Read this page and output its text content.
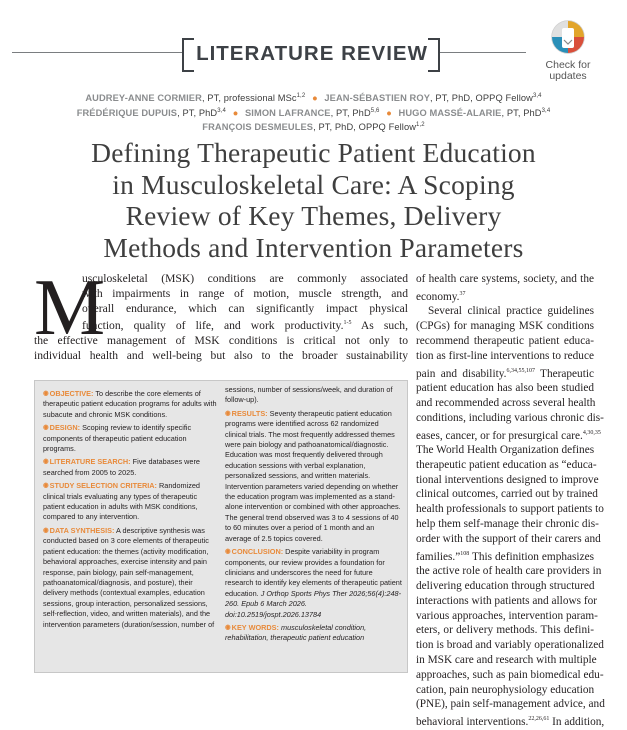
LITERATURE REVIEW	Check for
updates
AUDREY-ANNE CORMIER, PT, professional MSc$^{1,2}$ ● JEAN-SÉBASTIEN ROY, PT, PhD, OPPQ Fellow$^{3,4}$
FRÉDÉRIQUE DUPUIS, PT, PhD$^{3,4}$ ● SIMON LAFRANCE, PT, PhD$^{5,6}$ ● HUGO MASSÉ-ALARIE, PT, PhD$^{3,4}$
FRANÇOIS DESMEULES, PT, PhD, OPPQ Fellow$^{1,2}$
Defining Therapeutic Patient Education
in Musculoskeletal Care: A Scoping
Review of Key Themes, Delivery
Methods and Intervention Parameters
M
usculoskeletal (MSK) conditions are commonly associated
with impairments in range of motion, muscle strength, and
overall endurance, which can significantly impact physical
function, quality of life, and work productivity.$^{1-5}$ As such,
the effective management of MSK conditions is critical not only to
individual health and well-being but also to the broader sustainability
◉ OBJECTIVE: To describe the core elements of therapeutic patient education programs for adults with subacute and chronic MSK conditions.
◉ DESIGN: Scoping review to identify specific components of therapeutic patient education programs.
◉ LITERATURE SEARCH: Five databases were searched from 2005 to 2025.
◉ STUDY SELECTION CRITERIA: Randomized clinical trials evaluating any types of therapeutic patient education in adults with MSK conditions, compared to any intervention.
◉ DATA SYNTHESIS: A descriptive synthesis was conducted based on 3 core elements of therapeutic patient education: the themes (activity modification, behavioral approaches, exercise intensity and pain response, pain biology, pain self-management, pathoanatomical/diagnosis, and posture), their delivery methods (contextual examples, education sessions, group interaction, personalized sessions, self-reflection, video, and written materials), and the intervention parameters (duration/session, number of
sessions, number of sessions/week, and duration of follow-up).
◉ RESULTS: Seventy therapeutic patient education programs were identified across 62 randomized clinical trials. The most frequently addressed themes were pain biology and pathoanatomical/diagnostic. Education was most frequently delivered through education sessions with verbal explanation, personalized sessions, and written materials. Intervention parameters varied depending on whether the education program was implemented as a stand-alone intervention or combined with other approaches. The general trend observed was 3 to 4 sessions of 40 to 60 minutes over a period of 1 month and an average of 2.5 topics covered.
◉ CONCLUSION: Despite variability in program components, our review provides a foundation for clinicians and underscores the need for future research to identify key elements of therapeutic patient education. J Orthop Sports Phys Ther 2026;56(4):248-260. Epub 6 March 2026. doi:10.2519/jospt.2026.13784
◉ KEY WORDS: musculoskeletal condition, rehabilitation, therapeutic patient education
of health care systems, society, and the
economy.$^{37}$
Several clinical practice guidelines
(CPGs) for managing MSK conditions
recommend therapeutic patient educa-
tion as first-line interventions to reduce
pain and disability.$^{6,34,55,107}$ Therapeutic
patient education has also been studied
and recommended across several health
conditions, including various chronic dis-
eases, cancer, or for presurgical care.$^{4,30,35}$
The World Health Organization defines
therapeutic patient education as “educa-
tional interventions designed to improve
clinical outcomes, carried out by trained
health professionals to support patients to
help them self-manage their chronic dis-
order with the support of their carers and
families.”$^{108}$ This definition emphasizes
the active role of health care providers in
delivering education through structured
interactions with patients and allows for
various approaches, intervention param-
eters, or delivery methods. This defini-
tion is broad and variably operationalized
in MSK care and research with multiple
approaches, such as pain biomedical edu-
cation, pain neurophysiology education
(PNE), pain self-management advice, and
behavioral interventions.$^{22,26,61}$ In addition,
